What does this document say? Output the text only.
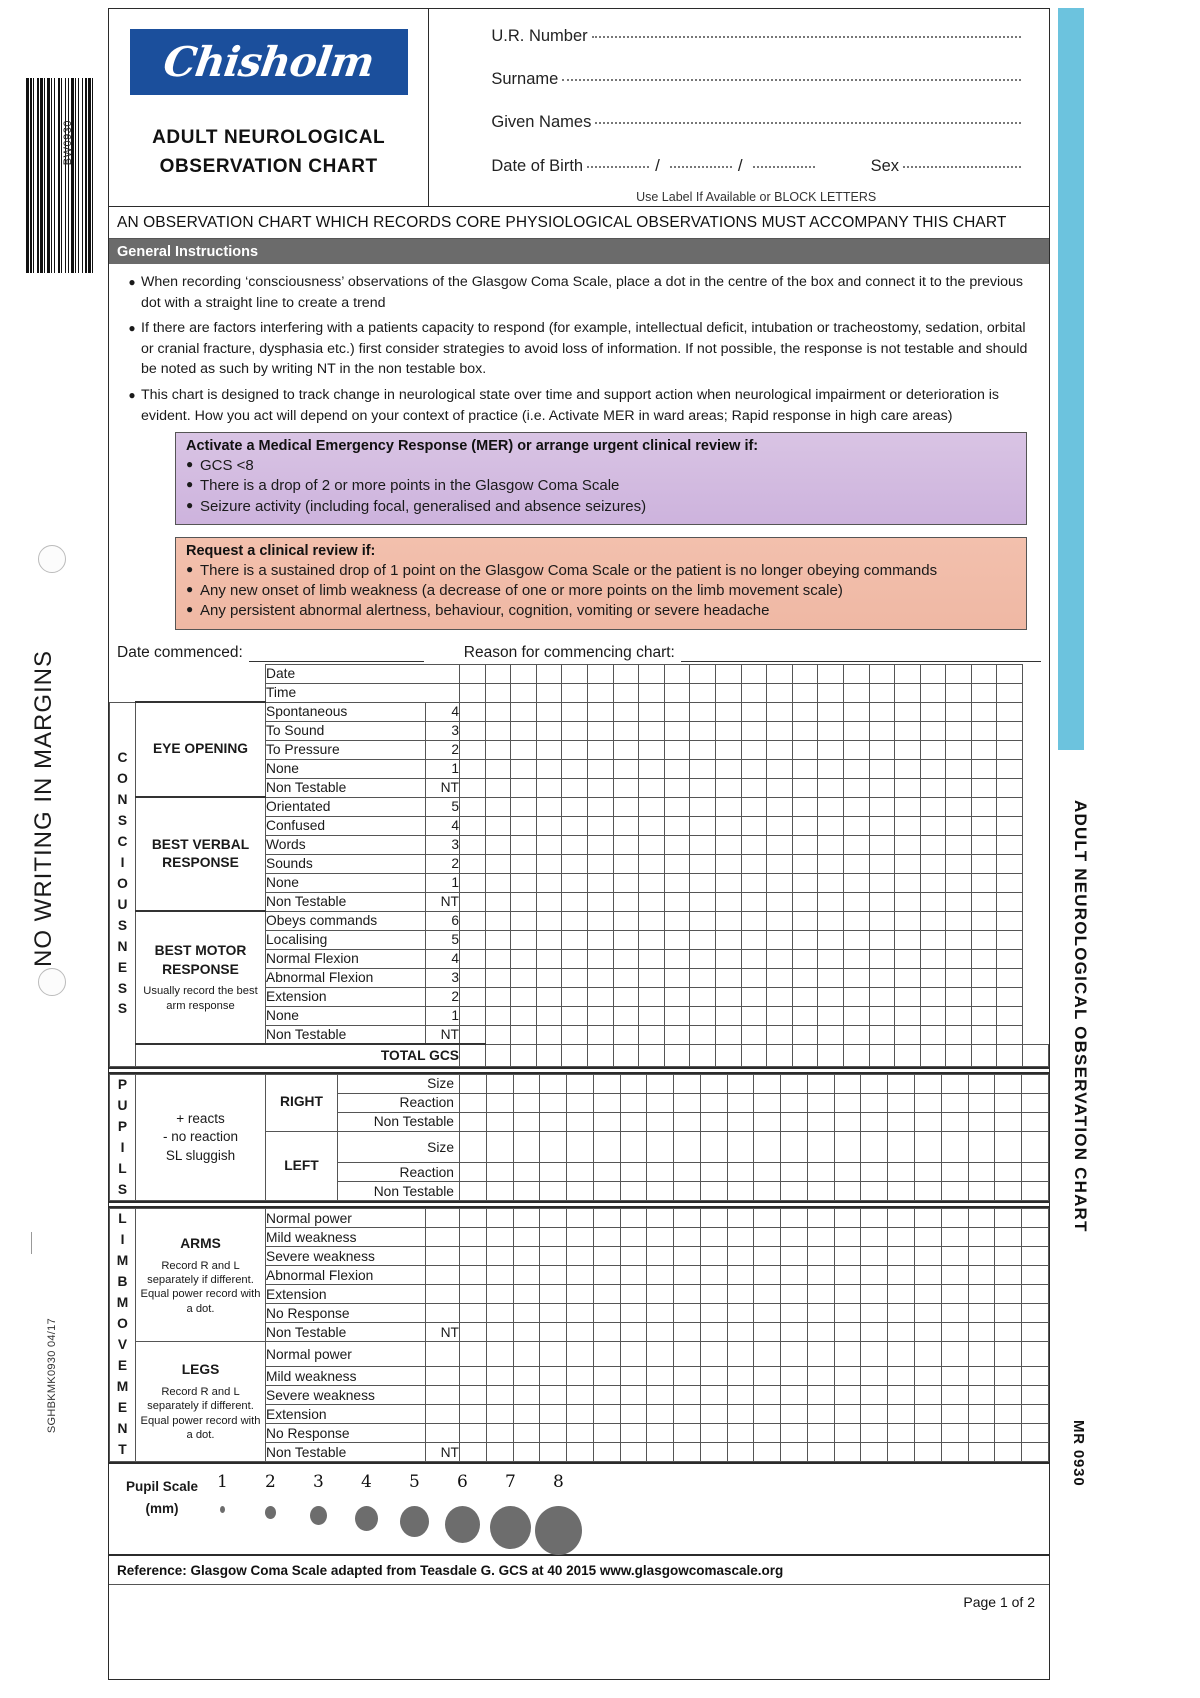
BW0930
NO WRITING IN MARGINS
SGHBKMK0930 04/17
ADULT NEUROLOGICAL OBSERVATION CHART
MR 0930
Chisholm
ADULT NEUROLOGICAL
OBSERVATION CHART
U.R. Number
Surname
Given Names
Date of Birth	/	/	Sex
Use Label If Available or BLOCK LETTERS
AN OBSERVATION CHART WHICH RECORDS CORE PHYSIOLOGICAL OBSERVATIONS MUST ACCOMPANY THIS CHART
General Instructions
● When recording ‘consciousness’ observations of the Glasgow Coma Scale, place a dot in the centre of the box and connect it to the previous dot with a straight line to create a trend
● If there are factors interfering with a patients capacity to respond (for example, intellectual deficit, intubation or tracheostomy, sedation, orbital or cranial fracture, dysphasia etc.) first consider strategies to avoid loss of information. If not possible, the response is not testable and should be noted as such by writing NT in the non testable box.
● This chart is designed to track change in neurological state over time and support action when neurological impairment or deterioration is evident. How you act will depend on your context of practice (i.e. Activate MER in ward areas; Rapid response in high care areas)
Activate a Medical Emergency Response (MER) or arrange urgent clinical review if:
● GCS <8
● There is a drop of 2 or more points in the Glasgow Coma Scale
● Seizure activity (including focal, generalised and absence seizures)
Request a clinical review if:
● There is a sustained drop of 1 point on the Glasgow Coma Scale or the patient is no longer obeying commands
● Any new onset of limb weakness (a decrease of one or more points on the limb movement scale)
● Any persistent abnormal alertness, behaviour, cognition, vomiting or severe headache
Date commenced:	Reason for commencing chart:
		Date																								
		Time																								

C
O
N
S
C
I
O
U
S
N
E
S
S
	EYE OPENING	Spontaneous	4																						
		To Sound	3																							
		To Pressure	2																							
		None	1																							
		Non Testable	NT																							
	BEST VERBAL RESPONSE	Orientated	5																							
		Confused	4																							
		Words	3																							
		Sounds	2																							
		None	1																							
		Non Testable	NT																							
	BEST MOTOR RESPONSE
Usually record the best arm response	Obeys commands	6																							
		Localising	5																							
		Normal Flexion	4																							
		Abnormal Flexion	3																							
		Extension	2																							
		None	1																							
		Non Testable	NT																							
	TOTAL GCS																									
P
U
P
I
L
S

+ reacts
- no reaction
SL sluggish
	RIGHT	Size																						
			Reaction																						
			Non Testable																						
		LEFT	Size																						
			Reaction																						
			Non Testable																						
L
I
M
B
M
O
V
E
M
E
N
T
	ARMS
Record R and L separately if different. Equal power record with a dot.
	Normal power																							
		Mild weakness																							
		Severe weakness																							
		Abnormal Flexion																							
		Extension																							
		No Response																							
		Non Testable	NT																						
	LEGS
Record R and L separately if different. Equal power record with a dot.	Normal power																							
		Mild weakness																							
		Severe weakness																							
		Extension																							
		No Response																							
		Non Testable	NT																						
Pupil Scale
(mm)
1 2 3 4 5 6 7 8
Reference: Glasgow Coma Scale adapted from Teasdale G. GCS at 40 2015 www.glasgowcomascale.org
Page 1 of 2
